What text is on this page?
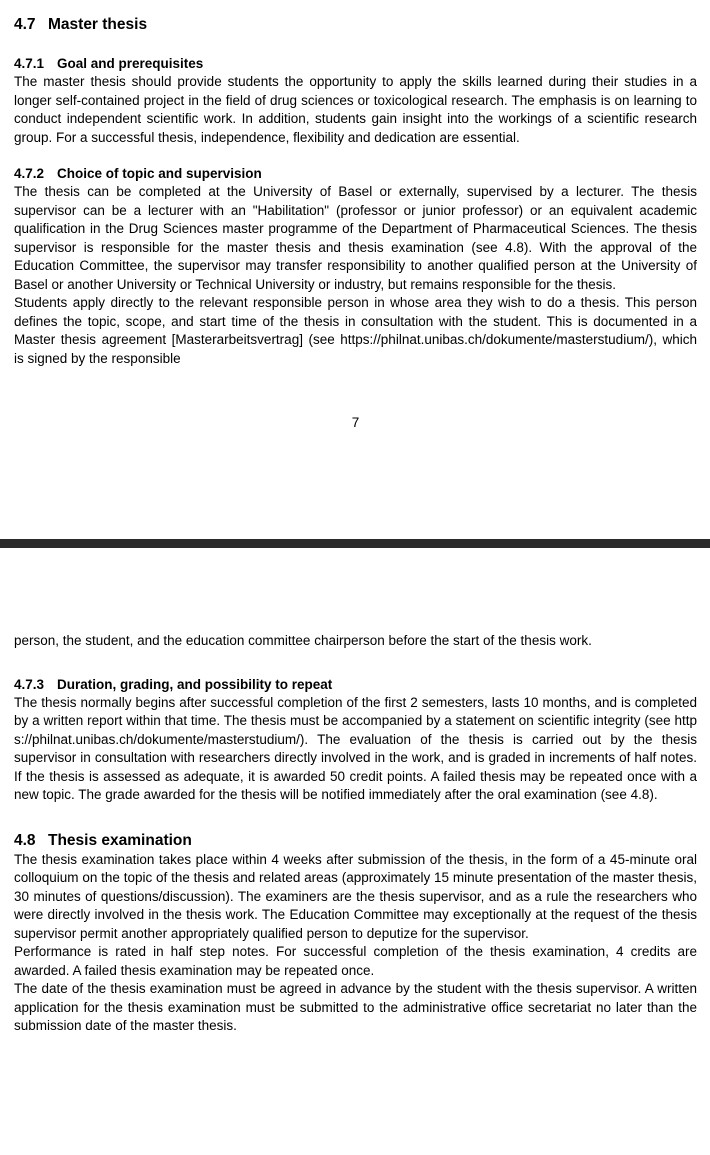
4.7 Master thesis
4.7.1 Goal and prerequisites

The master thesis should provide students the opportunity to apply the skills learned during their studies in a longer self-contained project in the field of drug sciences or toxicological research. The emphasis is on learning to conduct independent scientific work. In addition, students gain insight into the workings of a scientific research group. For a successful thesis, independence, flexibility and dedication are essential.

4.7.2 Choice of topic and supervision

The thesis can be completed at the University of Basel or externally, supervised by a lecturer. The thesis supervisor can be a lecturer with an "Habilitation" (professor or junior professor) or an equivalent academic qualification in the Drug Sciences master programme of the Department of Pharmaceutical Sciences. The thesis supervisor is responsible for the master thesis and thesis examination (see 4.8). With the approval of the Education Committee, the supervisor may transfer responsibility to another qualified person at the University of Basel or another University or Technical University or industry, but remains responsible for the thesis.

Students apply directly to the relevant responsible person in whose area they wish to do a thesis. This person defines the topic, scope, and start time of the thesis in consultation with the student. This is documented in a Master thesis agreement [Masterarbeitsvertrag] (see https://philnat.unibas.ch/dokumente/masterstudium/), which is signed by the responsible

7

person, the student, and the education committee chairperson before the start of the thesis work.

4.7.3 Duration, grading, and possibility to repeat

The thesis normally begins after successful completion of the first 2 semesters, lasts 10 months, and is completed by a written report within that time. The thesis must be accompanied by a statement on scientific integrity (see https://philnat.unibas.ch/dokumente/masterstudium/). The evaluation of the thesis is carried out by the thesis supervisor in consultation with researchers directly involved in the work, and is graded in increments of half notes. If the thesis is assessed as adequate, it is awarded 50 credit points. A failed thesis may be repeated once with a new topic. The grade awarded for the thesis will be notified immediately after the oral examination (see 4.8).

4.8 Thesis examination

The thesis examination takes place within 4 weeks after submission of the thesis, in the form of a 45-minute oral colloquium on the topic of the thesis and related areas (approximately 15 minute presentation of the master thesis, 30 minutes of questions/discussion). The examiners are the thesis supervisor, and as a rule the researchers who were directly involved in the thesis work. The Education Committee may exceptionally at the request of the thesis supervisor permit another appropriately qualified person to deputize for the supervisor.

Performance is rated in half step notes. For successful completion of the thesis examination, 4 credits are awarded. A failed thesis examination may be repeated once.

The date of the thesis examination must be agreed in advance by the student with the thesis supervisor. A written application for the thesis examination must be submitted to the administrative office secretariat no later than the submission date of the master thesis.
